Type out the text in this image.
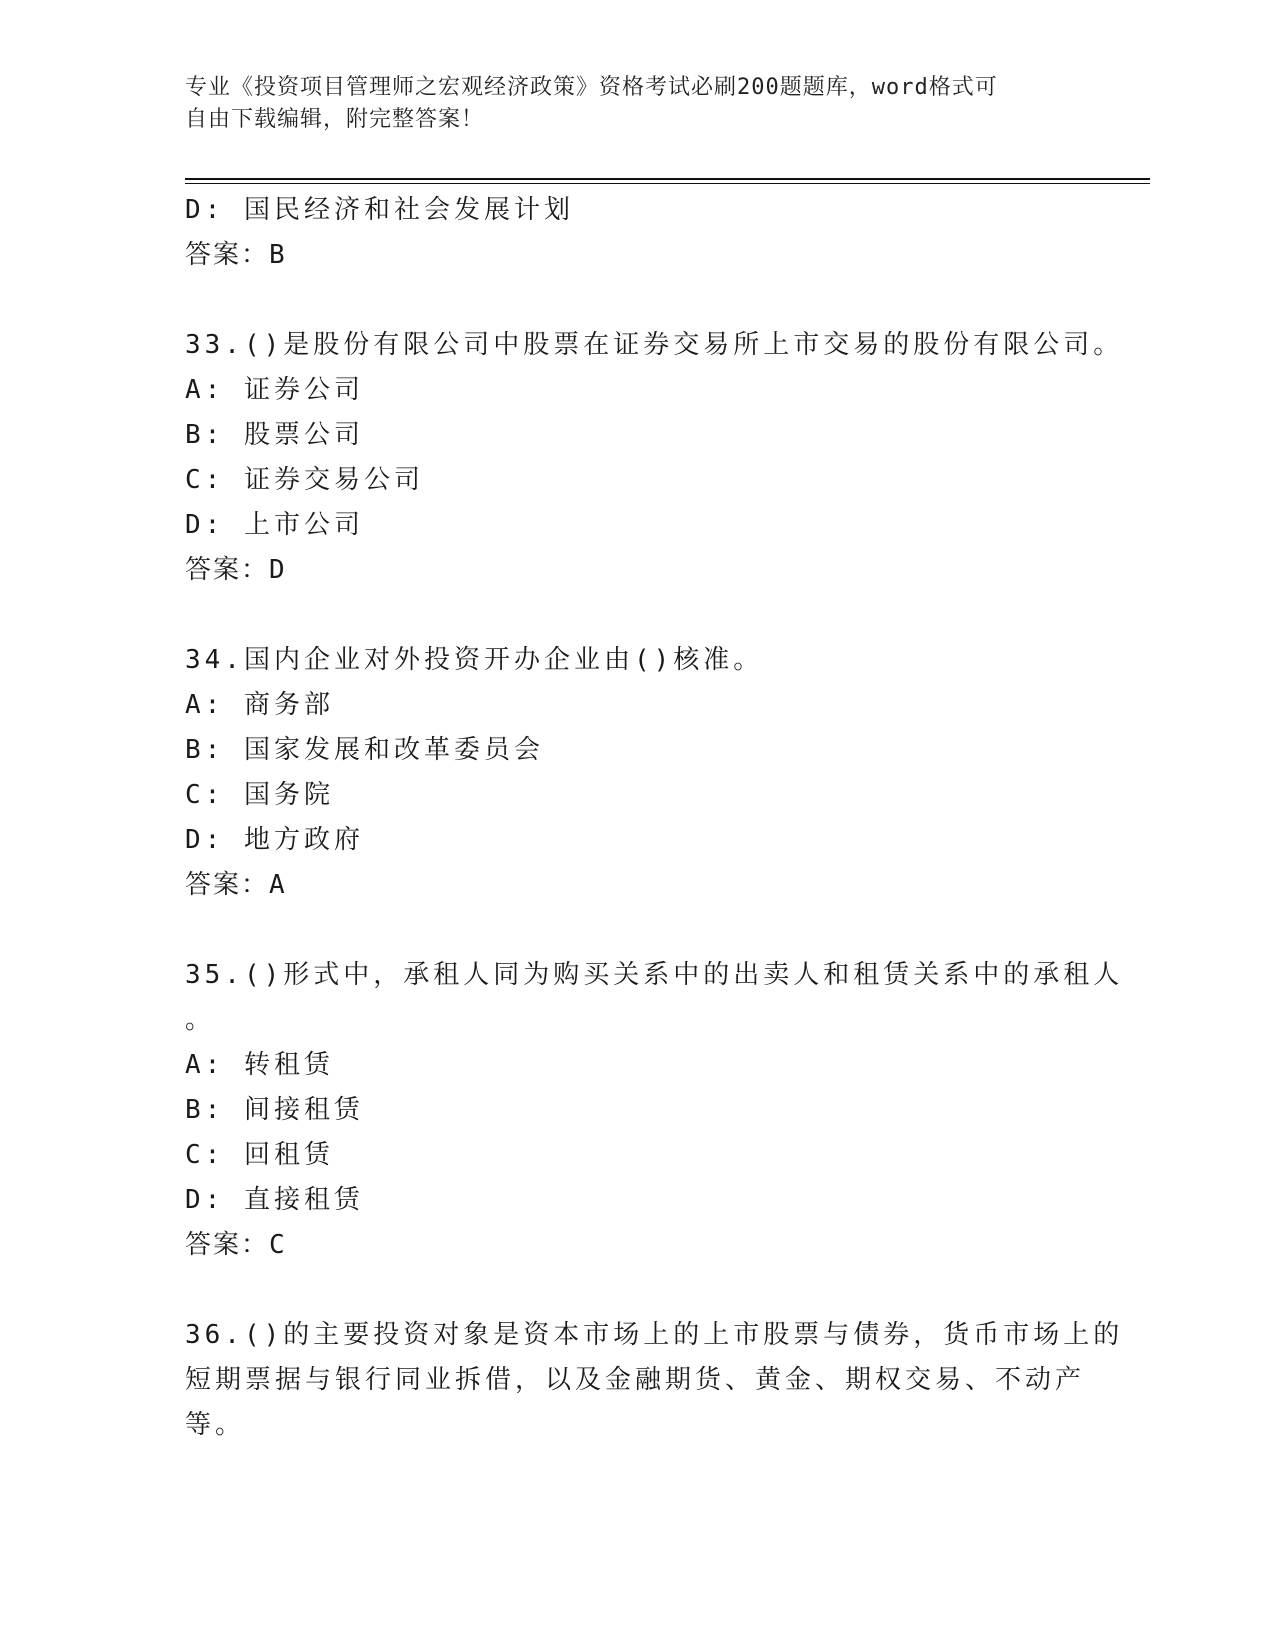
专业《投资项目管理师之宏观经济政策》资格考试必刷200题题库，word格式可
自由下载编辑，附完整答案！
D: 国民经济和社会发展计划
答案：B
33.()是股份有限公司中股票在证券交易所上市交易的股份有限公司。
A: 证券公司
B: 股票公司
C: 证券交易公司
D: 上市公司
答案：D
34.国内企业对外投资开办企业由()核准。
A: 商务部
B: 国家发展和改革委员会
C: 国务院
D: 地方政府
答案：A
35.()形式中，承租人同为购买关系中的出卖人和租赁关系中的承租人
。
A: 转租赁
B: 间接租赁
C: 回租赁
D: 直接租赁
答案：C
36.()的主要投资对象是资本市场上的上市股票与债券，货币市场上的
短期票据与银行同业拆借，以及金融期货、黄金、期权交易、不动产
等。
